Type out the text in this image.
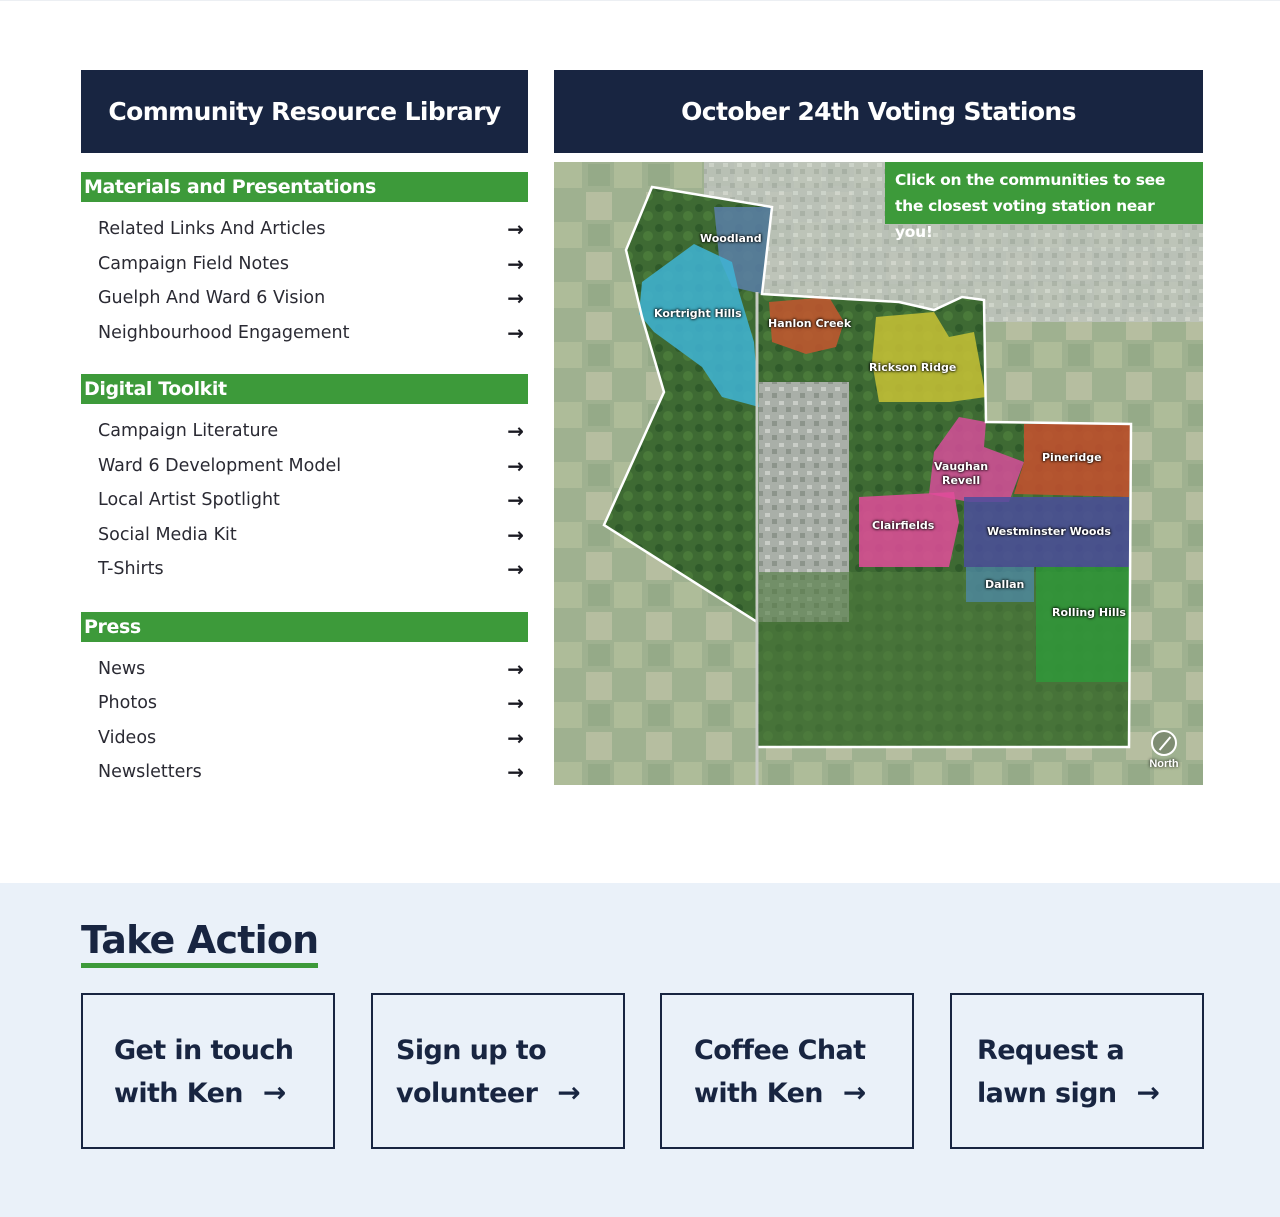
Community Resource Library
Materials and Presentations
Related Links And Articles	→
Campaign Field Notes	→
Guelph And Ward 6 Vision	→
Neighbourhood Engagement	→
Digital Toolkit
Campaign Literature	→
Ward 6 Development Model	→
Local Artist Spotlight	→
Social Media Kit	→
T-Shirts	→
Press
News	→
Photos	→
Videos	→
Newsletters	→
October 24th Voting Stations
Click on the communities to see
the closest voting station near you!
Woodland
Kortright Hills
Hanlon Creek
Rickson Ridge
Vaughan
Revell
Pineridge
Clairfields	Westminster Woods
Dallan
Rolling Hills
North
Take Action
Get in touch
with Ken →
Sign up to
volunteer →
Coffee Chat
with Ken →
Request a
lawn sign →
